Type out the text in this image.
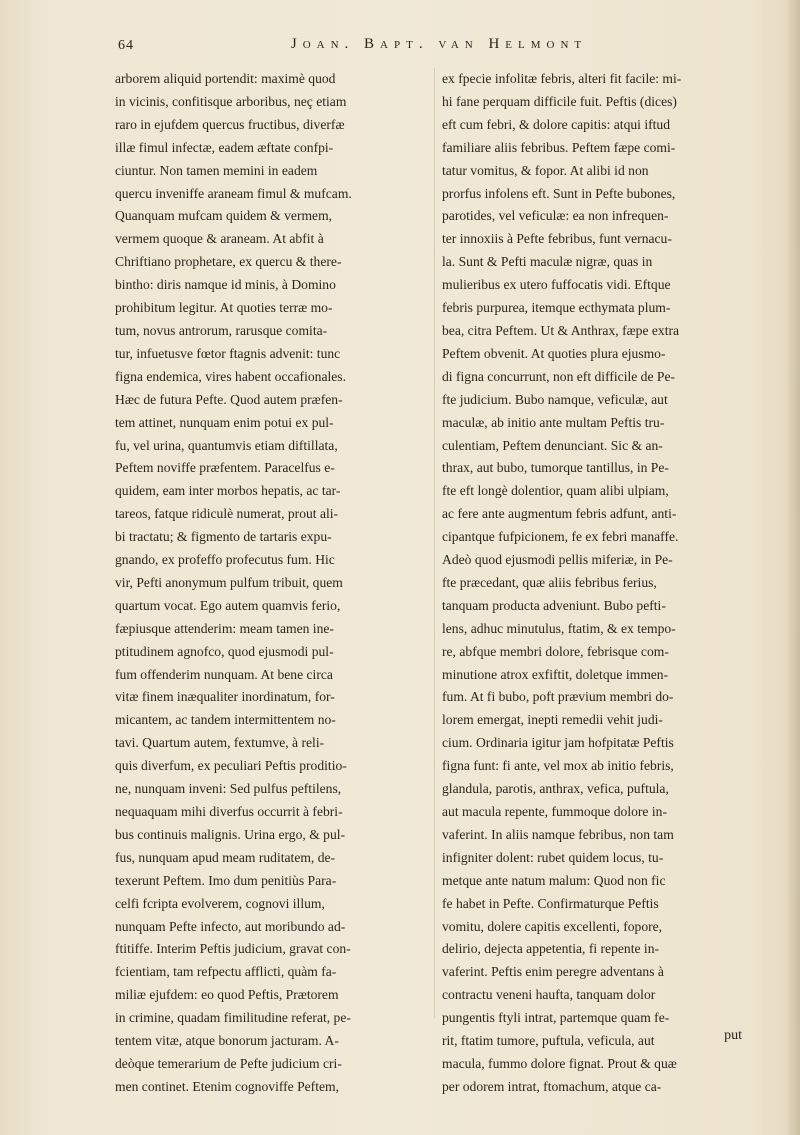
64	Joan. Bapt. van Helmont
arborem aliquid portendit: maximè quod
in vicinis, confitisque arboribus, neç etiam
raro in ejufdem quercus fructibus, diverfæ
illæ fimul infectæ, eadem æftate confpi-
ciuntur. Non tamen memini in eadem
quercu inveniffe araneam fimul & mufcam.
Quanquam mufcam quidem & vermem,
vermem quoque & araneam. At abfit à
Chriftiano prophetare, ex quercu & there-
bintho: diris namque id minis, à Domino
prohibitum legitur. At quoties terræ mo-
tum, novus antrorum, rarusque comita-
tur, infuetusve fœtor ftagnis advenit: tunc
figna endemica, vires habent occafionales.
Hæc de futura Pefte. Quod autem præfen-
tem attinet, nunquam enim potui ex pul-
fu, vel urina, quantumvis etiam diftillata,
Peftem noviffe præfentem. Paracelfus e-
quidem, eam inter morbos hepatis, ac tar-
tareos, fatque ridiculè numerat, prout ali-
bi tractatu; & figmento de tartaris expu-
gnando, ex profeffo profecutus fum. Hic
vir, Pefti anonymum pulfum tribuit, quem
quartum vocat. Ego autem quamvis ferio,
fæpiusque attenderim: meam tamen ine-
ptitudinem agnofco, quod ejusmodi pul-
fum offenderim nunquam. At bene circa
vitæ finem inæqualiter inordinatum, for-
micantem, ac tandem intermittentem no-
tavi. Quartum autem, fextumve, à reli-
quis diverfum, ex peculiari Peftis proditio-
ne, nunquam inveni: Sed pulfus peftilens,
nequaquam mihi diverfus occurrit à febri-
bus continuis malignis. Urina ergo, & pul-
fus, nunquam apud meam ruditatem, de-
texerunt Peftem. Imo dum penitiùs Para-
celfi fcripta evolverem, cognovi illum,
nunquam Pefte infecto, aut moribundo ad-
ftitiffe. Interim Peftis judicium, gravat con-
fcientiam, tam refpectu afflicti, quàm fa-
miliæ ejufdem: eo quod Peftis, Prætorem
in crimine, quadam fimilitudine referat, pe-
tentem vitæ, atque bonorum jacturam. A-
deòque temerarium de Pefte judicium cri-
men continet. Etenim cognoviffe Peftem,
ex fpecie infolitæ febris, alteri fit facile: mi-
hi fane perquam difficile fuit. Peftis (dices)
eft cum febri, & dolore capitis: atqui iftud
familiare aliis febribus. Peftem fæpe comi-
tatur vomitus, & fopor. At alibi id non
prorfus infolens eft. Sunt in Pefte bubones,
parotides, vel veficulæ: ea non infrequen-
ter innoxiis à Pefte febribus, funt vernacu-
la. Sunt & Pefti maculæ nigræ, quas in
mulieribus ex utero fuffocatis vidi. Eftque
febris purpurea, itemque ecthymata plum-
bea, citra Peftem. Ut & Anthrax, fæpe extra
Peftem obvenit. At quoties plura ejusmo-
di figna concurrunt, non eft difficile de Pe-
fte judicium. Bubo namque, veficulæ, aut
maculæ, ab initio ante multam Peftis tru-
culentiam, Peftem denunciant. Sic & an-
thrax, aut bubo, tumorque tantillus, in Pe-
fte eft longè dolentior, quam alibi ulpiam,
ac fere ante augmentum febris adfunt, anti-
cipantque fufpicionem, fe ex febri manaffe.
Adeò quod ejusmodi pellis miferiæ, in Pe-
fte præcedant, quæ aliis febribus ferius,
tanquam producta adveniunt. Bubo pefti-
lens, adhuc minutulus, ftatim, & ex tempo-
re, abfque membri dolore, febrisque com-
minutione atrox exfiftit, doletque immen-
fum. At fi bubo, poft prævium membri do-
lorem emergat, inepti remedii vehit judi-
cium. Ordinaria igitur jam hofpitatæ Peftis
figna funt: fi ante, vel mox ab initio febris,
glandula, parotis, anthrax, vefica, puftula,
aut macula repente, fummoque dolore in-
vaferint. In aliis namque febribus, non tam
infigniter dolent: rubet quidem locus, tu-
metque ante natum malum: Quod non fic
fe habet in Pefte. Confirmaturque Peftis
vomitu, dolere capitis excellenti, fopore,
delirio, dejecta appetentia, fi repente in-
vaferint. Peftis enim peregre adventans à
contractu veneni haufta, tanquam dolor
pungentis ftyli intrat, partemque quam fe-
rit, ftatim tumore, puftula, veficula, aut
macula, fummo dolore fignat. Prout & quæ
per odorem intrat, ftomachum, atque ca-
put
